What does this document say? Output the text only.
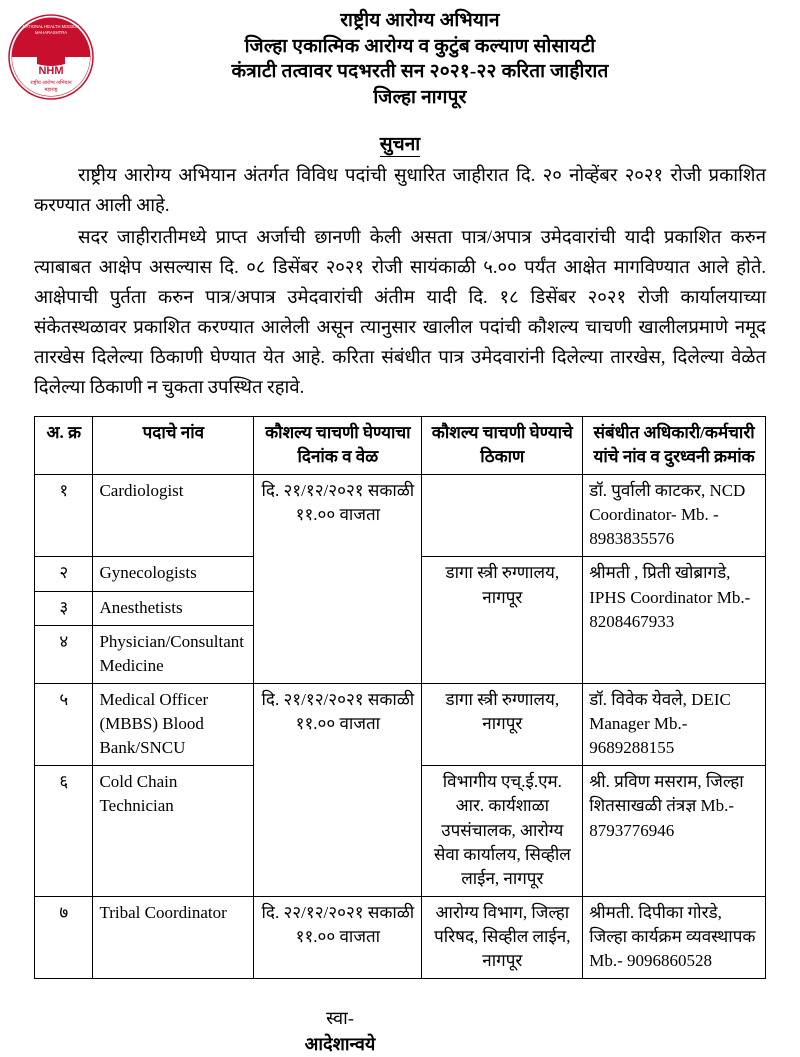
NATIONAL HEALTH MISSION
MAHARASHTRA
NHM
राष्ट्रीय आरोग्य अभियान
महाराष्ट्र
राष्ट्रीय आरोग्य अभियान
जिल्हा एकात्मिक आरोग्य व कुटुंब कल्याण सोसायटी
कंत्राटी तत्वावर पदभरती सन २०२१-२२ करिता जाहीरात
जिल्हा नागपूर
सुचना

राष्ट्रीय आरोग्य अभियान अंतर्गत विविध पदांची सुधारित जाहीरात दि. २० नोव्हेंबर २०२१ रोजी प्रकाशित करण्यात आली आहे.

सदर जाहीरातीमध्ये प्राप्त अर्जाची छानणी केली असता पात्र/अपात्र उमेदवारांची यादी प्रकाशित करुन त्याबाबत आक्षेप असल्यास दि. ०८ डिसेंबर २०२१ रोजी सायंकाळी ५.०० पर्यंत आक्षेत मागविण्यात आले होते. आक्षेपाची पुर्तता करुन पात्र/अपात्र उमेदवारांची अंतीम यादी दि. १८ डिसेंबर २०२१ रोजी कार्यालयाच्या संकेतस्थळावर प्रकाशित करण्यात आलेली असून त्यानुसार खालील पदांची कौशल्य चाचणी खालीलप्रमाणे नमूद तारखेस दिलेल्या ठिकाणी घेण्यात येत आहे. करिता संबंधीत पात्र उमेदवारांनी दिलेल्या तारखेस, दिलेल्या वेळेत दिलेल्या ठिकाणी न चुकता उपस्थित रहावे.

अ. क्र	पदाचे नांव	कौशल्य चाचणी घेण्याचा दिनांक व वेळ	कौशल्य चाचणी घेण्याचे ठिकाण	संबंधीत अधिकारी/कर्मचारी यांचे नांव व दुरध्वनी क्रमांक
१	Cardiologist	दि. २१/१२/२०२१ सकाळी ११.०० वाजता		डॉ. पुर्वाली काटकर, NCD Coordinator- Mb. - 8983835576
२	Gynecologists		डागा स्त्री रुग्णालय, नागपूर	श्रीमती , प्रिती खोब्रागडे, IPHS Coordinator Mb.- 8208467933
३	Anesthetists			
४	Physician/Consultant Medicine			
५	Medical Officer (MBBS) Blood Bank/SNCU	दि. २१/१२/२०२१ सकाळी ११.०० वाजता	डागा स्त्री रुग्णालय, नागपूर	डॉ. विवेक येवले, DEIC Manager Mb.- 9689288155
६	Cold Chain Technician		विभागीय एच्.ई.एम. आर. कार्यशाळा उपसंचालक, आरोग्य सेवा कार्यालय, सिव्हील लाईन, नागपूर	श्री. प्रविण मसराम, जिल्हा शितसाखळी तंत्रज्ञ Mb.- 8793776946
७	Tribal Coordinator	दि. २२/१२/२०२१ सकाळी ११.०० वाजता	आरोग्य विभाग, जिल्हा परिषद, सिव्हील लाईन, नागपूर	श्रीमती. दिपीका गोरडे, जिल्हा कार्यक्रम व्यवस्थापक Mb.- 9096860528
स्वा-
आदेशान्वये
